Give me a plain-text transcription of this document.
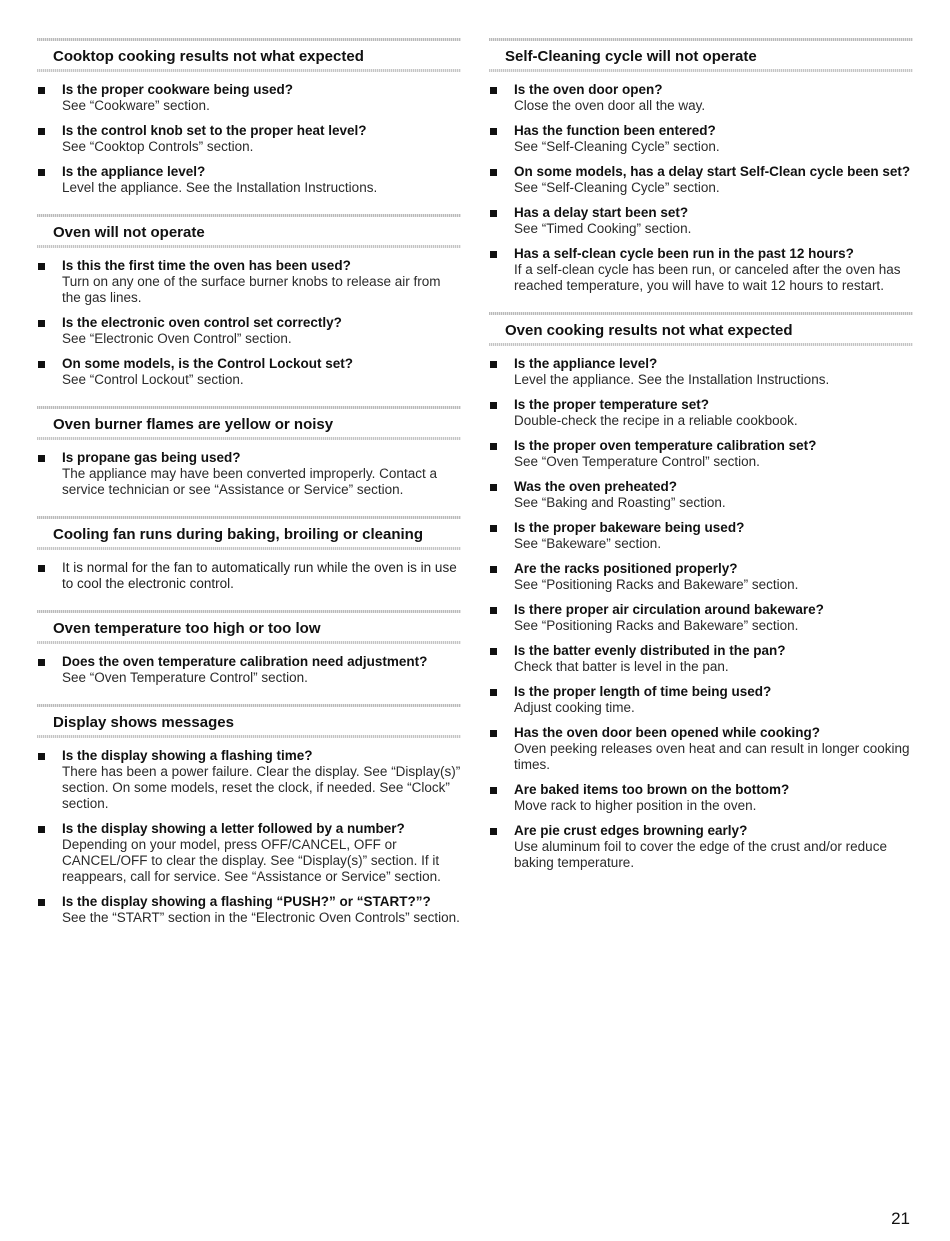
Cooktop cooking results not what expected
Is the proper cookware being used?
See “Cookware” section.
Is the control knob set to the proper heat level?
See “Cooktop Controls” section.
Is the appliance level?
Level the appliance. See the Installation Instructions.
Oven will not operate
Is this the first time the oven has been used?
Turn on any one of the surface burner knobs to release air from the gas lines.
Is the electronic oven control set correctly?
See “Electronic Oven Control” section.
On some models, is the Control Lockout set?
See “Control Lockout” section.
Oven burner flames are yellow or noisy
Is propane gas being used?
The appliance may have been converted improperly. Contact a service technician or see “Assistance or Service” section.
Cooling fan runs during baking, broiling or cleaning
It is normal for the fan to automatically run while the oven is in use to cool the electronic control.
Oven temperature too high or too low
Does the oven temperature calibration need adjustment?
See “Oven Temperature Control” section.
Display shows messages
Is the display showing a flashing time?
There has been a power failure. Clear the display. See “Display(s)” section. On some models, reset the clock, if needed. See “Clock” section.
Is the display showing a letter followed by a number?
Depending on your model, press OFF/CANCEL, OFF or CANCEL/OFF to clear the display. See “Display(s)” section. If it reappears, call for service. See “Assistance or Service” section.
Is the display showing a flashing “PUSH?” or “START?”?
See the “START” section in the “Electronic Oven Controls” section.
Self-Cleaning cycle will not operate
Is the oven door open?
Close the oven door all the way.
Has the function been entered?
See “Self-Cleaning Cycle” section.
On some models, has a delay start Self-Clean cycle been set?
See “Self-Cleaning Cycle” section.
Has a delay start been set?
See “Timed Cooking” section.
Has a self-clean cycle been run in the past 12 hours?
If a self-clean cycle has been run, or canceled after the oven has reached temperature, you will have to wait 12 hours to restart.
Oven cooking results not what expected
Is the appliance level?
Level the appliance. See the Installation Instructions.
Is the proper temperature set?
Double-check the recipe in a reliable cookbook.
Is the proper oven temperature calibration set?
See “Oven Temperature Control” section.
Was the oven preheated?
See “Baking and Roasting” section.
Is the proper bakeware being used?
See “Bakeware” section.
Are the racks positioned properly?
See “Positioning Racks and Bakeware” section.
Is there proper air circulation around bakeware?
See “Positioning Racks and Bakeware” section.
Is the batter evenly distributed in the pan?
Check that batter is level in the pan.
Is the proper length of time being used?
Adjust cooking time.
Has the oven door been opened while cooking?
Oven peeking releases oven heat and can result in longer cooking times.
Are baked items too brown on the bottom?
Move rack to higher position in the oven.
Are pie crust edges browning early?
Use aluminum foil to cover the edge of the crust and/or reduce baking temperature.
21
